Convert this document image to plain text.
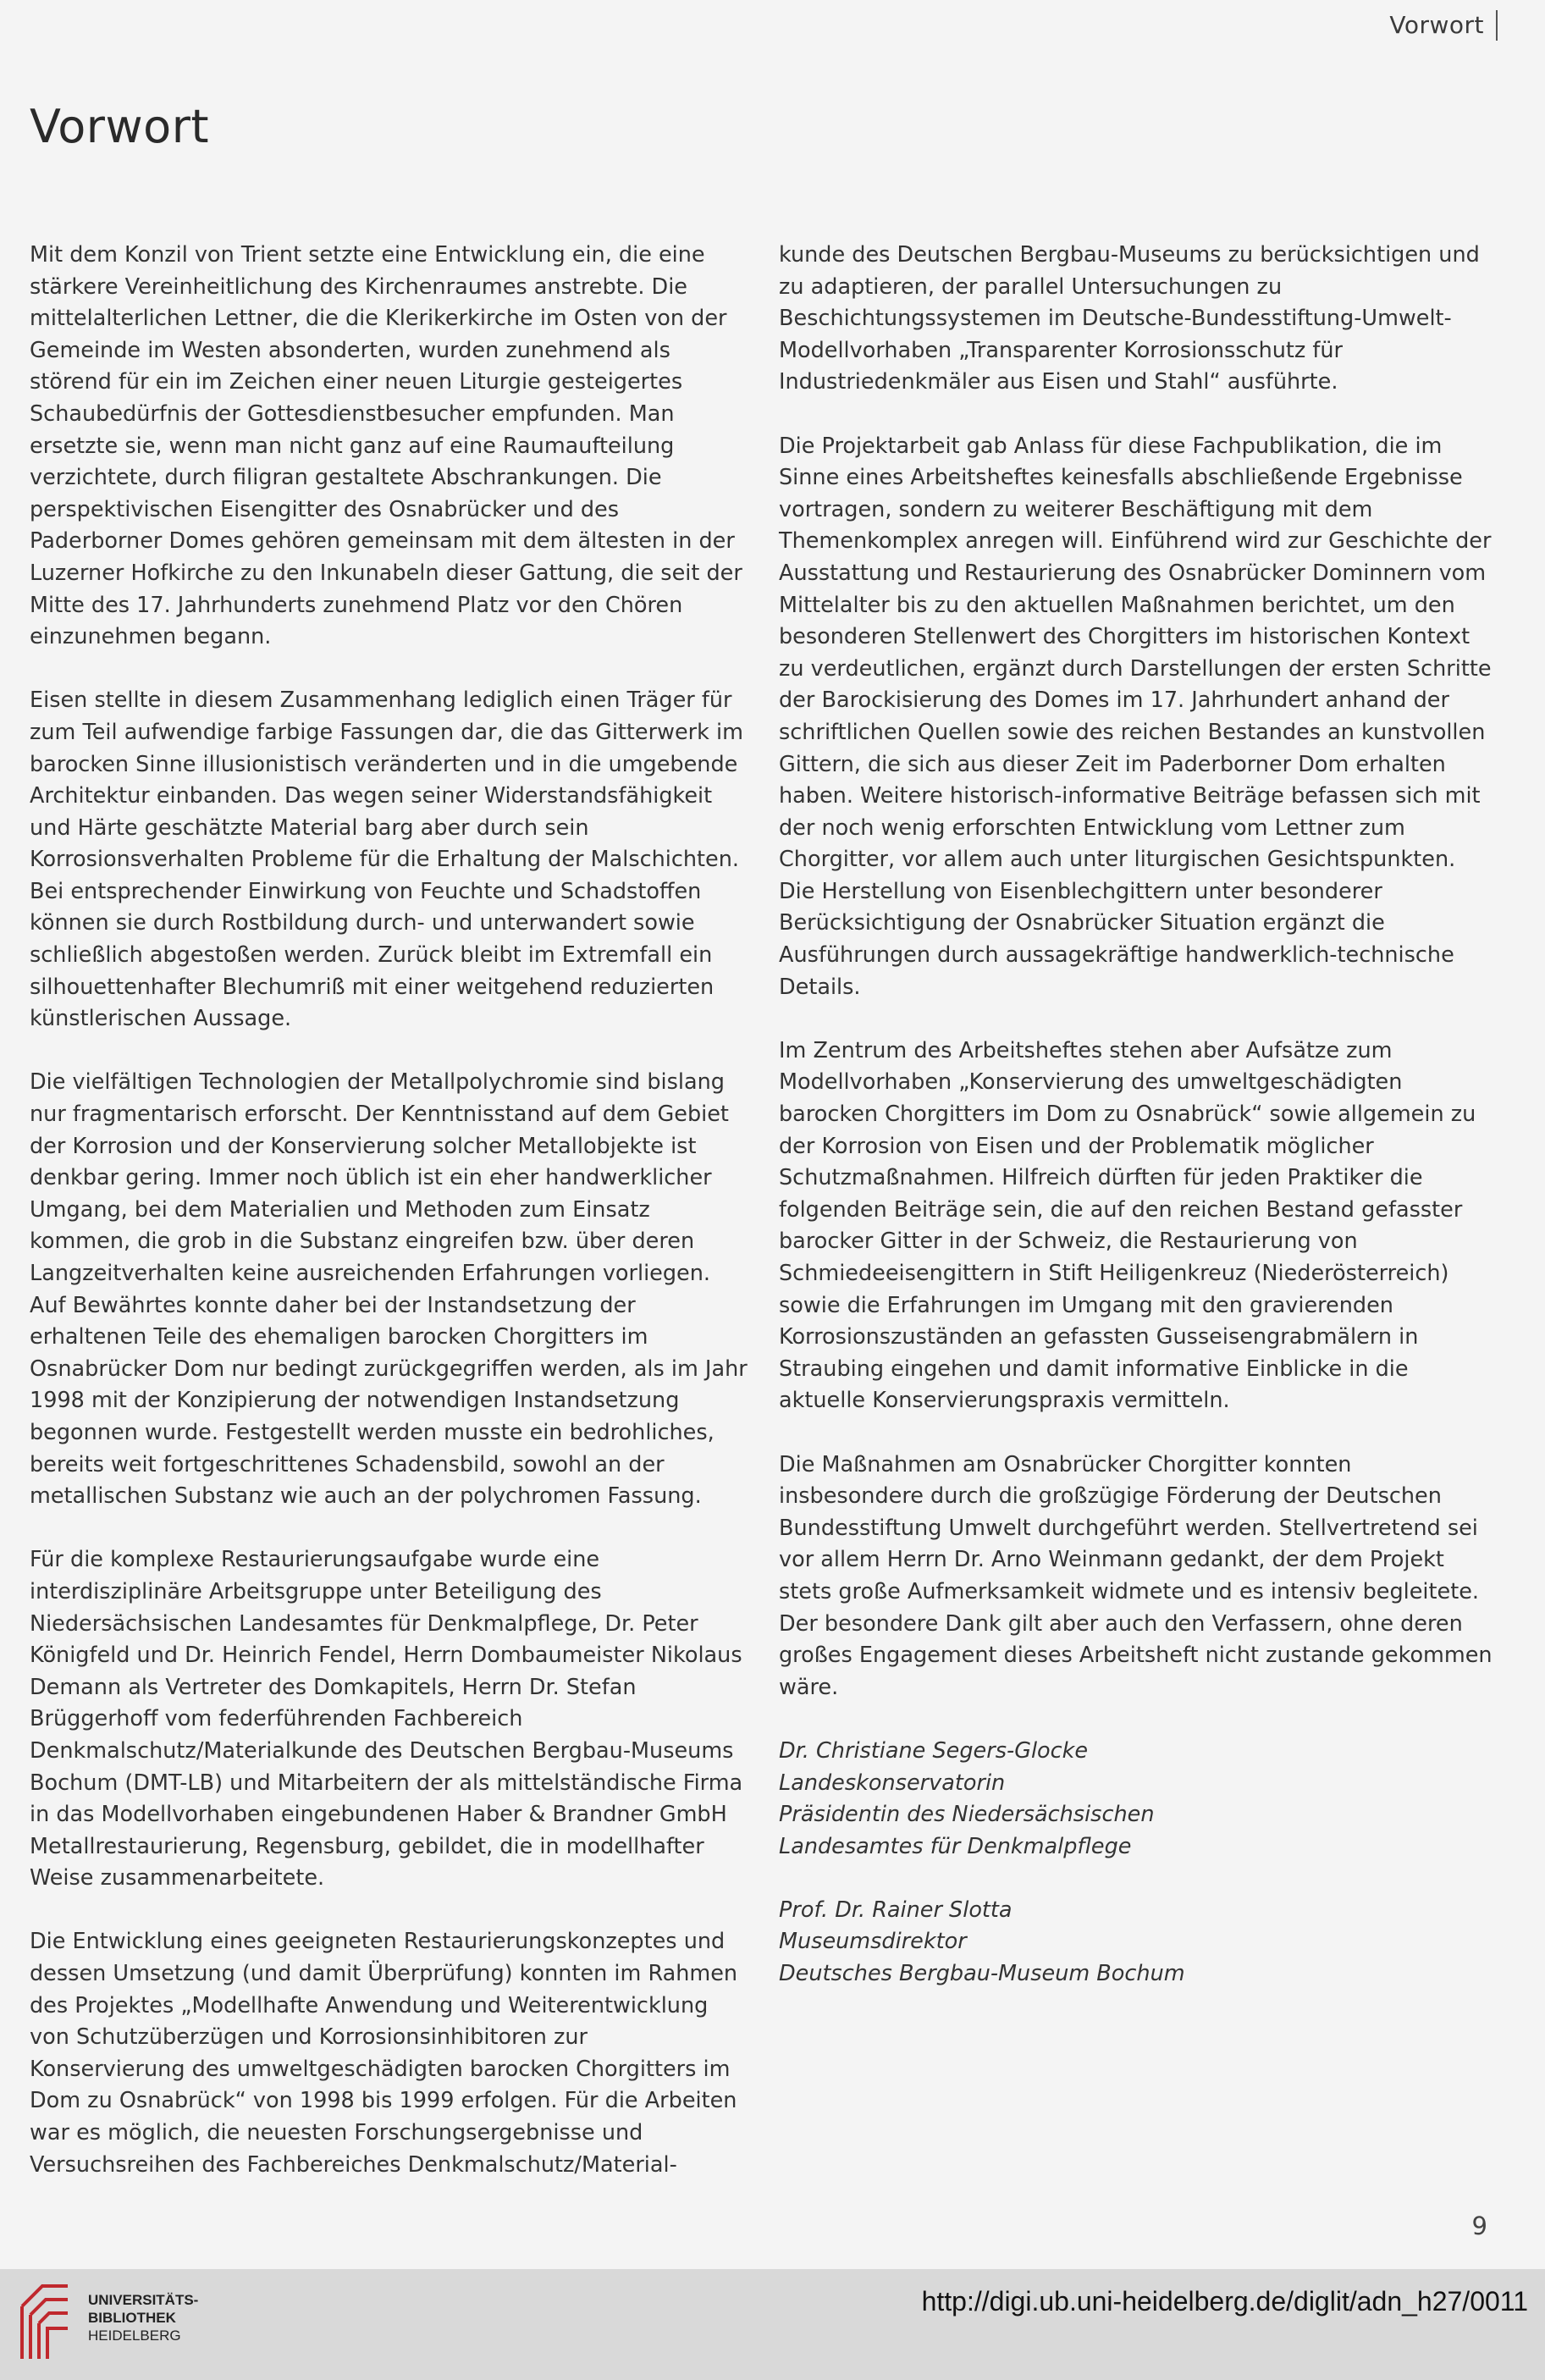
Vorwort
Vorwort

Mit dem Konzil von Trient setzte eine Entwicklung ein, die eine stärkere Vereinheitlichung des Kirchenraumes anstrebte. Die mittelalterlichen Lettner, die die Klerikerkirche im Osten von der Gemeinde im Westen absonderten, wurden zunehmend als störend für ein im Zeichen einer neuen Liturgie gesteigertes Schaubedürfnis der Gottesdienstbesucher empfunden. Man ersetzte sie, wenn man nicht ganz auf eine Raumaufteilung verzichtete, durch filigran gestaltete Abschrankungen. Die perspektivischen Eisengitter des Osnabrücker und des Paderborner Domes gehören gemeinsam mit dem ältesten in der Luzerner Hofkirche zu den Inkunabeln dieser Gattung, die seit der Mitte des 17. Jahrhunderts zunehmend Platz vor den Chören einzunehmen begann.

Eisen stellte in diesem Zusammenhang lediglich einen Träger für zum Teil aufwendige farbige Fassungen dar, die das Gitterwerk im barocken Sinne illusionistisch veränderten und in die umgebende Architektur einbanden. Das wegen seiner Widerstandsfähigkeit und Härte geschätzte Material barg aber durch sein Korrosionsverhalten Probleme für die Erhaltung der Malschichten. Bei entsprechender Einwirkung von Feuchte und Schadstoffen können sie durch Rostbildung durch- und unterwandert sowie schließlich abgestoßen werden. Zurück bleibt im Extremfall ein silhouettenhafter Blechumriß mit einer weitgehend reduzierten künstlerischen Aussage.

Die vielfältigen Technologien der Metallpolychromie sind bislang nur fragmentarisch erforscht. Der Kenntnisstand auf dem Gebiet der Korrosion und der Konservierung solcher Metallobjekte ist denkbar gering. Immer noch üblich ist ein eher handwerklicher Umgang, bei dem Materialien und Methoden zum Einsatz kommen, die grob in die Substanz eingreifen bzw. über deren Langzeitverhalten keine ausreichenden Erfahrungen vorliegen. Auf Bewährtes konnte daher bei der Instandsetzung der erhaltenen Teile des ehemaligen barocken Chorgitters im Osnabrücker Dom nur bedingt zurückgegriffen werden, als im Jahr 1998 mit der Konzipierung der notwendigen Instandsetzung begonnen wurde. Festgestellt werden musste ein bedrohliches, bereits weit fortgeschrittenes Schadensbild, sowohl an der metallischen Substanz wie auch an der polychromen Fassung.

Für die komplexe Restaurierungsaufgabe wurde eine interdisziplinäre Arbeitsgruppe unter Beteiligung des Niedersächsischen Landesamtes für Denkmalpflege, Dr. Peter Königfeld und Dr. Heinrich Fendel, Herrn Dombaumeister Nikolaus Demann als Vertreter des Domkapitels, Herrn Dr. Stefan Brüggerhoff vom federführenden Fachbereich Denkmalschutz/Materialkunde des Deutschen Bergbau-Museums Bochum (DMT-LB) und Mitarbeitern der als mittelständische Firma in das Modellvorhaben eingebundenen Haber & Brandner GmbH Metallrestaurierung, Regensburg, gebildet, die in modellhafter Weise zusammenarbeitete.

Die Entwicklung eines geeigneten Restaurierungskonzeptes und dessen Umsetzung (und damit Überprüfung) konnten im Rahmen des Projektes „Modellhafte Anwendung und Weiterentwicklung von Schutzüberzügen und Korrosionsinhibitoren zur Konservierung des umweltgeschädigten barocken Chorgitters im Dom zu Osnabrück“ von 1998 bis 1999 erfolgen. Für die Arbeiten war es möglich, die neuesten Forschungsergebnisse und Versuchsreihen des Fachbereiches Denkmalschutz/Material-

kunde des Deutschen Bergbau-Museums zu berücksichtigen und zu adaptieren, der parallel Untersuchungen zu Beschichtungssystemen im Deutsche-Bundesstiftung-Umwelt-Modellvorhaben „Transparenter Korrosionsschutz für Industriedenkmäler aus Eisen und Stahl“ ausführte.

Die Projektarbeit gab Anlass für diese Fachpublikation, die im Sinne eines Arbeitsheftes keinesfalls abschließende Ergebnisse vortragen, sondern zu weiterer Beschäftigung mit dem Themenkomplex anregen will. Einführend wird zur Geschichte der Ausstattung und Restaurierung des Osnabrücker Dominnern vom Mittelalter bis zu den aktuellen Maßnahmen berichtet, um den besonderen Stellenwert des Chorgitters im historischen Kontext zu verdeutlichen, ergänzt durch Darstellungen der ersten Schritte der Barockisierung des Domes im 17. Jahrhundert anhand der schriftlichen Quellen sowie des reichen Bestandes an kunstvollen Gittern, die sich aus dieser Zeit im Paderborner Dom erhalten haben. Weitere historisch-informative Beiträge befassen sich mit der noch wenig erforschten Entwicklung vom Lettner zum Chorgitter, vor allem auch unter liturgischen Gesichtspunkten. Die Herstellung von Eisenblechgittern unter besonderer Berücksichtigung der Osnabrücker Situation ergänzt die Ausführungen durch aussagekräftige handwerklich-technische Details.

Im Zentrum des Arbeitsheftes stehen aber Aufsätze zum Modellvorhaben „Konservierung des umweltgeschädigten barocken Chorgitters im Dom zu Osnabrück“ sowie allgemein zu der Korrosion von Eisen und der Problematik möglicher Schutzmaßnahmen. Hilfreich dürften für jeden Praktiker die folgenden Beiträge sein, die auf den reichen Bestand gefasster barocker Gitter in der Schweiz, die Restaurierung von Schmiedeeisengittern in Stift Heiligenkreuz (Niederösterreich) sowie die Erfahrungen im Umgang mit den gravierenden Korrosionszuständen an gefassten Gusseisengrabmälern in Straubing eingehen und damit informative Einblicke in die aktuelle Konservierungspraxis vermitteln.

Die Maßnahmen am Osnabrücker Chorgitter konnten insbesondere durch die großzügige Förderung der Deutschen Bundesstiftung Umwelt durchgeführt werden. Stellvertretend sei vor allem Herrn Dr. Arno Weinmann gedankt, der dem Projekt stets große Aufmerksamkeit widmete und es intensiv begleitete. Der besondere Dank gilt aber auch den Verfassern, ohne deren großes Engagement dieses Arbeitsheft nicht zustande gekommen wäre.

Dr. Christiane Segers-Glocke
Landeskonservatorin
Präsidentin des Niedersächsischen
Landesamtes für Denkmalpflege
Prof. Dr. Rainer Slotta
Museumsdirektor
Deutsches Bergbau-Museum Bochum
9
UNIVERSITÄTS-
BIBLIOTHEK
HEIDELBERG
http://digi.ub.uni-heidelberg.de/diglit/adn_h27/0011
